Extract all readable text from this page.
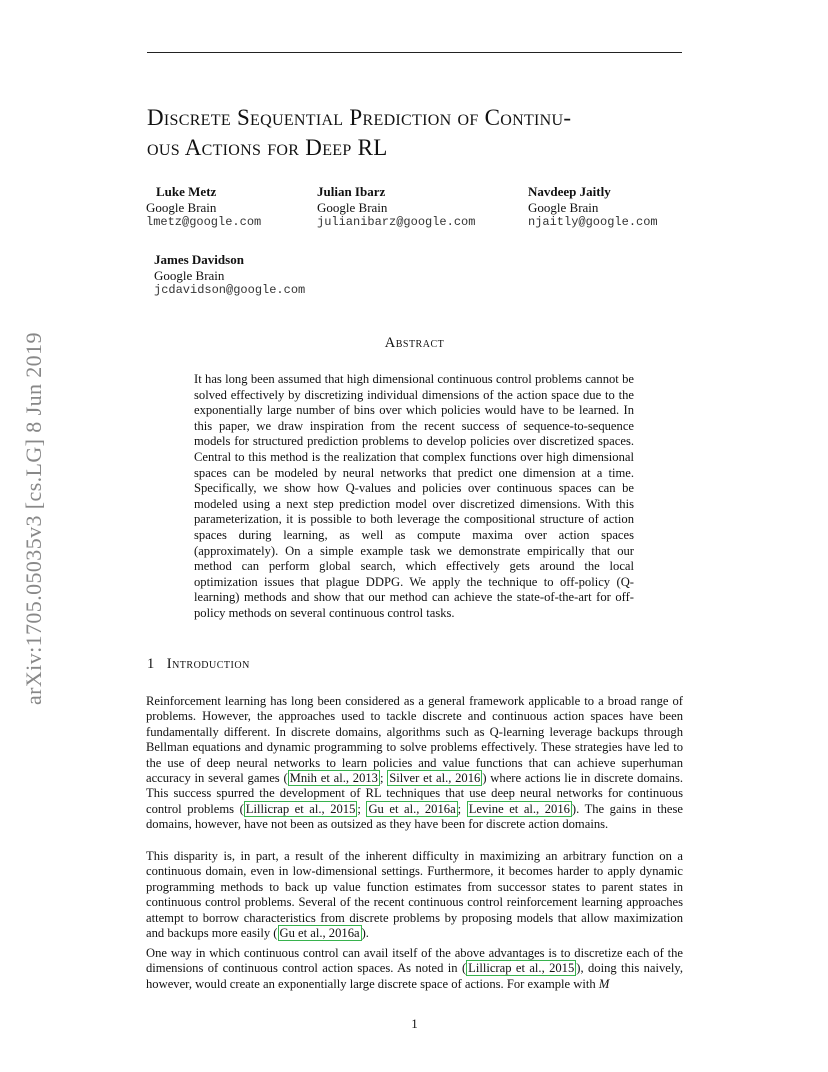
Discrete Sequential Prediction of Continu-
ous Actions for Deep RL
Luke Metz
Google Brain
lmetz@google.com
Julian Ibarz
Google Brain
julianibarz@google.com
Navdeep Jaitly
Google Brain
njaitly@google.com
James Davidson
Google Brain
jcdavidson@google.com
arXiv:1705.05035v3 [cs.LG] 8 Jun 2019	Abstract

It has long been assumed that high dimensional continuous control problems cannot be solved effectively by discretizing individual dimensions of the action space due to the exponentially large number of bins over which policies would have to be learned. In this paper, we draw inspiration from the recent success of sequence-to-sequence models for structured prediction problems to develop policies over discretized spaces. Central to this method is the realization that complex functions over high dimensional spaces can be modeled by neural networks that predict one dimension at a time. Specifically, we show how Q-values and policies over continuous spaces can be modeled using a next step prediction model over discretized dimensions. With this parameterization, it is possible to both leverage the compositional structure of action spaces during learning, as well as compute maxima over action spaces (approximately). On a simple example task we demonstrate empirically that our method can perform global search, which effectively gets around the local optimization issues that plague DDPG. We apply the technique to off-policy (Q-learning) methods and show that our method can achieve the state-of-the-art for off-policy methods on several continuous control tasks.

1 Introduction

Reinforcement learning has long been considered as a general framework applicable to a broad range of problems. However, the approaches used to tackle discrete and continuous action spaces have been fundamentally different. In discrete domains, algorithms such as Q-learning leverage backups through Bellman equations and dynamic programming to solve problems effectively. These strategies have led to the use of deep neural networks to learn policies and value functions that can achieve superhuman accuracy in several games ( Mnih et al., 2013 ; Silver et al., 2016 ) where actions lie in discrete domains. This success spurred the development of RL techniques that use deep neural networks for continuous control problems ( Lillicrap et al., 2015 ; Gu et al., 2016a ; Levine et al., 2016 ). The gains in these domains, however, have not been as outsized as they have been for discrete action domains.

This disparity is, in part, a result of the inherent difficulty in maximizing an arbitrary function on a continuous domain, even in low-dimensional settings. Furthermore, it becomes harder to apply dynamic programming methods to back up value function estimates from successor states to parent states in continuous control problems. Several of the recent continuous control reinforcement learning approaches attempt to borrow characteristics from discrete problems by proposing models that allow maximization and backups more easily ( Gu et al., 2016a ).

One way in which continuous control can avail itself of the above advantages is to discretize each of the dimensions of continuous control action spaces. As noted in ( Lillicrap et al., 2015 ), doing this naively, however, would create an exponentially large discrete space of actions. For example with M

1
